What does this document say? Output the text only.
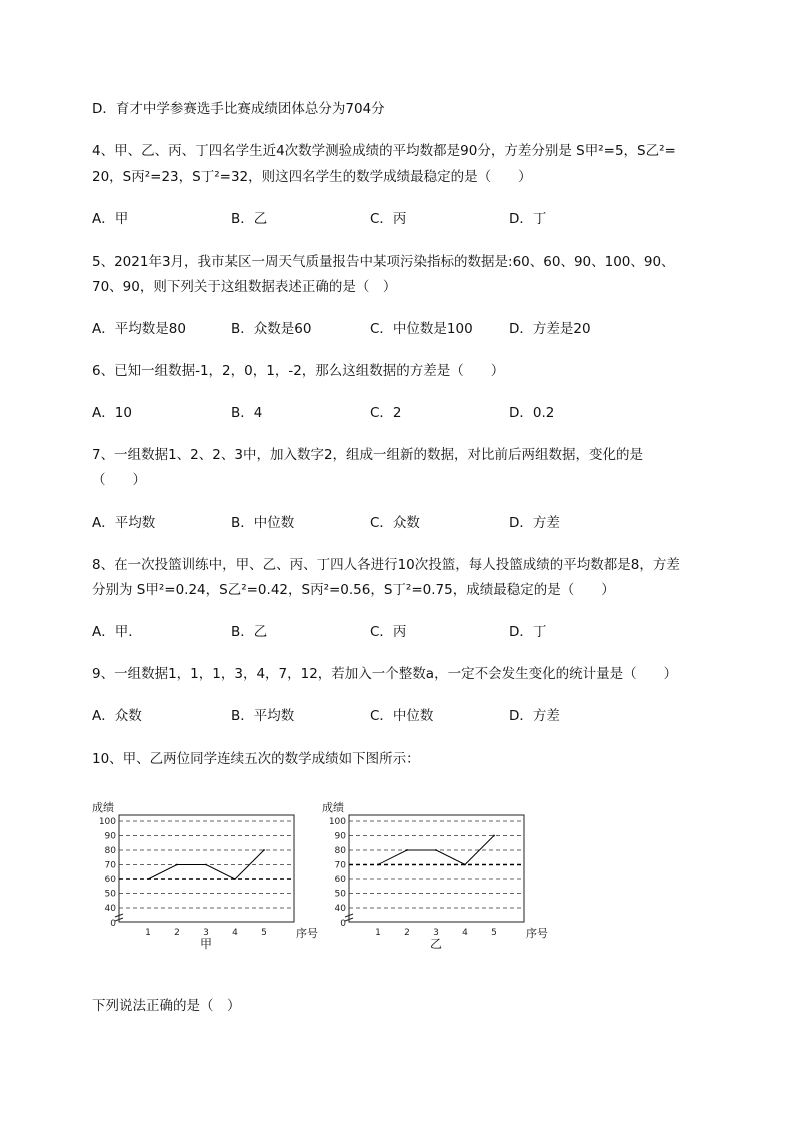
D．育才中学参赛选手比赛成绩团体总分为704分
4、甲、乙、丙、丁四名学生近4次数学测验成绩的平均数都是90分，方差分别是 S甲²=5，S乙²=
20，S丙²=23，S丁²=32，则这四名学生的数学成绩最稳定的是（　　）
5、2021年3月，我市某区一周天气质量报告中某项污染指标的数据是:60、60、90、100、90、
70、90，则下列关于这组数据表述正确的是（　）
6、已知一组数据-1，2，0，1，-2，那么这组数据的方差是（　　）
7、一组数据1、2、2、3中，加入数字2，组成一组新的数据，对比前后两组数据，变化的是
（　　）
8、在一次投篮训练中，甲、乙、丙、丁四人各进行10次投篮，每人投篮成绩的平均数都是8，方差
分别为 S甲²=0.24，S乙²=0.42，S丙²=0.56，S丁²=0.75，成绩最稳定的是（　　）
9、一组数据1，1，1，3，4，7，12，若加入一个整数a，一定不会发生变化的统计量是（　　）
10、甲、乙两位同学连续五次的数学成绩如下图所示：
下列说法正确的是（　）
A．甲	B．乙	C．丙	D．丁
A．平均数是80	B．众数是60	C．中位数是100	D．方差是20
A．10	B．4	C．2	D．0.2
A．平均数	B．中位数	C．众数	D．方差
A．甲．	B．乙	C．丙	D．丁
A．众数	B．平均数	C．中位数	D．方差
0
40
50
60
70
80
90
100
1	2	3	4	5
成绩
序号
甲
0
40
50
60
70
80
90
100
1	2	3	4	5
成绩
序号
乙
